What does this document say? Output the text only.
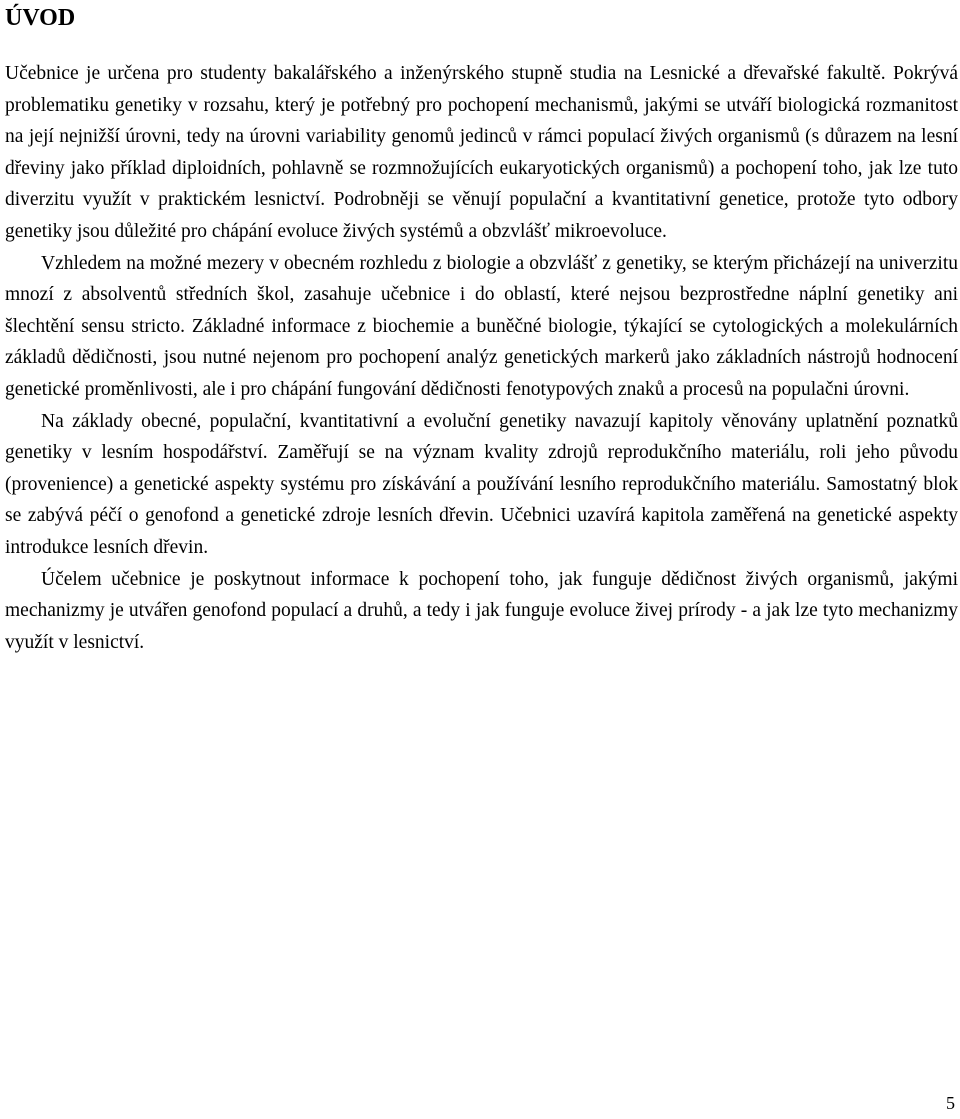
ÚVOD

Učebnice je určena pro studenty bakalářského a inženýrského stupně studia na Lesnické a dřevařské fakultě. Pokrývá problematiku genetiky v rozsahu, který je potřebný pro pochopení mechanismů, jakými se utváří biologická rozmanitost na její nejnižší úrovni, tedy na úrovni variability genomů jedinců v rámci populací živých organismů (s důrazem na lesní dřeviny jako příklad diploidních, pohlavně se rozmnožujících eukaryotických organismů) a pochopení toho, jak lze tuto diverzitu využít v praktickém lesnictví. Podrobněji se věnují populační a kvantitativní genetice, protože tyto odbory genetiky jsou důležité pro chápání evoluce živých systémů a obzvlášť mikroevoluce.

Vzhledem na možné mezery v obecném rozhledu z biologie a obzvlášť z genetiky, se kterým přicházejí na univerzitu mnozí z absolventů středních škol, zasahuje učebnice i do oblastí, které nejsou bezprostředne náplní genetiky ani šlechtění sensu stricto. Základné informace z biochemie a buněčné biologie, týkající se cytologických a molekulárních základů dědičnosti, jsou nutné nejenom pro pochopení analýz genetických markerů jako základních nástrojů hodnocení genetické proměnlivosti, ale i pro chápání fungování dědičnosti fenotypových znaků a procesů na populačni úrovni.

Na základy obecné, populační, kvantitativní a evoluční genetiky navazují kapitoly věnovány uplatnění poznatků genetiky v lesním hospodářství. Zaměřují se na význam kvality zdrojů reprodukčního materiálu, roli jeho původu (provenience) a genetické aspekty systému pro získávání a používání lesního reprodukčního materiálu. Samostatný blok se zabývá péčí o genofond a genetické zdroje lesních dřevin. Učebnici uzavírá kapitola zaměřená na genetické aspekty introdukce lesních dřevin.

Účelem učebnice je poskytnout informace k pochopení toho, jak funguje dědičnost živých organismů, jakými mechanizmy je utvářen genofond populací a druhů, a tedy i jak funguje evoluce živej prírody - a jak lze tyto mechanizmy využít v lesnictví.

5
